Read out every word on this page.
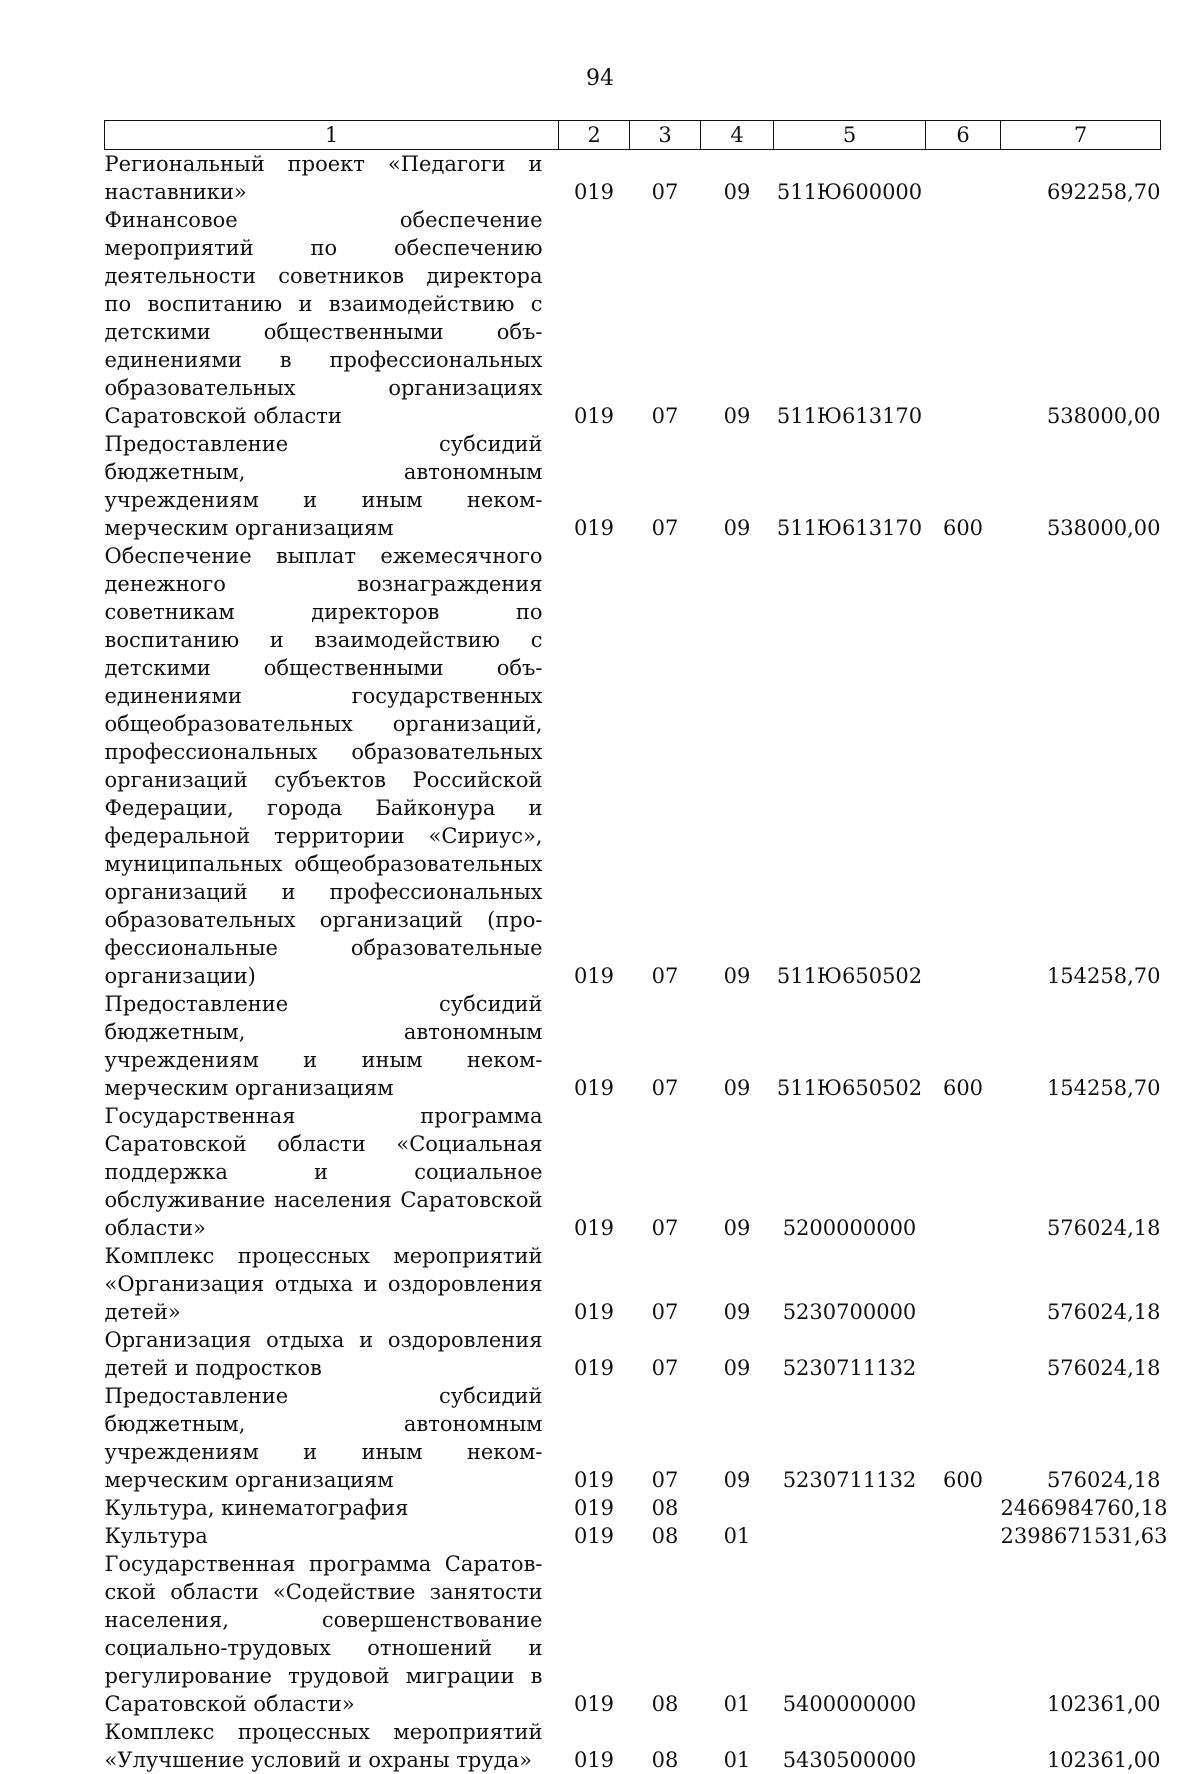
94
1	2	3	4	5	6	7
Региональный проект «Педагоги и наставники»	019	07	09	511Ю600000		692258,70
Финансовое обеспечение мероприятий по обеспечению деятельности советников директора по воспитанию и взаимодействию с детскими общественными объединениями в профессиональных образовательных организациях Саратовской области	019	07	09	511Ю613170		538000,00
Предоставление субсидий бюджетным, автономным учреждениям и иным некоммерческим организациям	019	07	09	511Ю613170	600	538000,00
Обеспечение выплат ежемесячного денежного вознаграждения советникам директоров по воспитанию и взаимодействию с детскими общественными объединениями государственных общеобразовательных организаций, профессиональных образовательных организаций субъектов Российской Федерации, города Байконура и федеральной территории «Сириус», муниципальных общеобразовательных организаций и профессиональных образовательных организаций (профессиональные образовательные организации)	019	07	09	511Ю650502		154258,70
Предоставление субсидий бюджетным, автономным учреждениям и иным некоммерческим организациям	019	07	09	511Ю650502	600	154258,70
Государственная программа Саратовской области «Социальная поддержка и социальное обслуживание населения Саратовской области»	019	07	09	5200000000		576024,18
Комплекс процессных мероприятий «Организация отдыха и оздоровления детей»	019	07	09	5230700000		576024,18
Организация отдыха и оздоровления детей и подростков	019	07	09	5230711132		576024,18
Предоставление субсидий бюджетным, автономным учреждениям и иным некоммерческим организациям	019	07	09	5230711132	600	576024,18
Культура, кинематография	019	08				2466984760,18
Культура	019	08	01			2398671531,63
Государственная программа Саратовской области «Содействие занятости населения, совершенствование социально-трудовых отношений и регулирование трудовой миграции в Саратовской области»	019	08	01	5400000000		102361,00
Комплекс процессных мероприятий «Улучшение условий и охраны труда»	019	08	01	5430500000		102361,00
